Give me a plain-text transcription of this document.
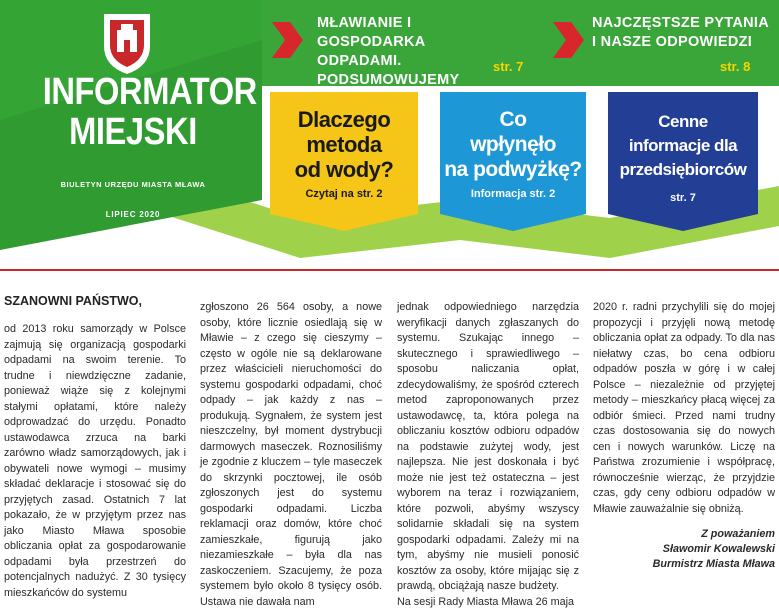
INFORMATOR
MIEJSKI
BIULETYN URZĘDU MIASTA MŁAWA
LIPIEC 2020
MŁAWIANIE I GOSPODARKA
ODPADAMI. PODSUMOWUJEMY
ANKIETOWE
str. 7
NAJCZĘSTSZE PYTANIA
I NASZE ODPOWIEDZI
str. 8
Dlaczego
metoda
od wody?
Czytaj na str. 2
Co
wpłynęło
na podwyżkę?
Informacja str. 2
Cenne
informacje dla
przedsiębiorców
str. 7
SZANOWNI PAŃSTWO,

od 2013 roku samorządy w Polsce zajmują się organizacją gospodarki odpadami na swoim terenie. To trudne i niewdzięczne zadanie, ponieważ wiąże się z kolejnymi stałymi opłatami, które należy odprowadzać do urzędu. Ponadto ustawodawca zrzuca na barki zarówno władz samorządowych, jak i obywateli nowe wymogi – musimy składać deklaracje i stosować się do przyjętych zasad. Ostatnich 7 lat pokazało, że w przyjętym przez nas jako Miasto Mława sposobie obliczania opłat za gospodarowanie odpadami była przestrzeń do potencjalnych nadużyć. Z 30 tysięcy mieszkańców do systemu

zgłoszono 26 564 osoby, a nowe osoby, które licznie osiedlają się w Mławie – z czego się cieszymy – często w ogóle nie są deklarowane przez właścicieli nieruchomości do systemu gospodarki odpadami, choć odpady – jak każdy z nas – produkują. Sygnałem, że system jest nieszczelny, był moment dystrybucji darmowych maseczek. Roznosiliśmy je zgodnie z kluczem – tyle maseczek do skrzynki pocztowej, ile osób zgłoszonych jest do systemu gospodarki odpadami. Liczba reklamacji oraz domów, które choć zamieszkałe, figurują jako niezamieszkałe – była dla nas zaskoczeniem. Szacujemy, że poza systemem było około 8 tysięcy osób. Ustawa nie dawała nam

jednak odpowiedniego narzędzia weryfikacji danych zgłaszanych do systemu. Szukając innego – skutecznego i sprawiedliwego – sposobu naliczania opłat, zdecydowaliśmy, że spośród czterech metod zaproponowanych przez ustawodawcę, ta, która polega na obliczaniu kosztów odbioru odpadów na podstawie zużytej wody, jest najlepsza. Nie jest doskonała i być może nie jest też ostateczna – jest wyborem na teraz i rozwiązaniem, które pozwoli, abyśmy wszyscy solidarnie składali się na system gospodarki odpadami. Zależy mi na tym, abyśmy nie musieli ponosić kosztów za osoby, które mijając się z prawdą, obciążają nasze budżety.

Na sesji Rady Miasta Mława 26 maja

2020 r. radni przychylili się do mojej propozycji i przyjęli nową metodę obliczania opłat za odpady. To dla nas niełatwy czas, bo cena odbioru odpadów poszła w górę i w całej Polsce – niezależnie od przyjętej metody – mieszkańcy płacą więcej za odbiór śmieci. Przed nami trudny czas dostosowania się do nowych cen i nowych warunków. Liczę na Państwa zrozumienie i współpracę, równocześnie wierząc, że przyjdzie czas, gdy ceny odbioru odpadów w Mławie zauważalnie się obniżą.

Z poważaniem
Sławomir Kowalewski
Burmistrz Miasta Mława
